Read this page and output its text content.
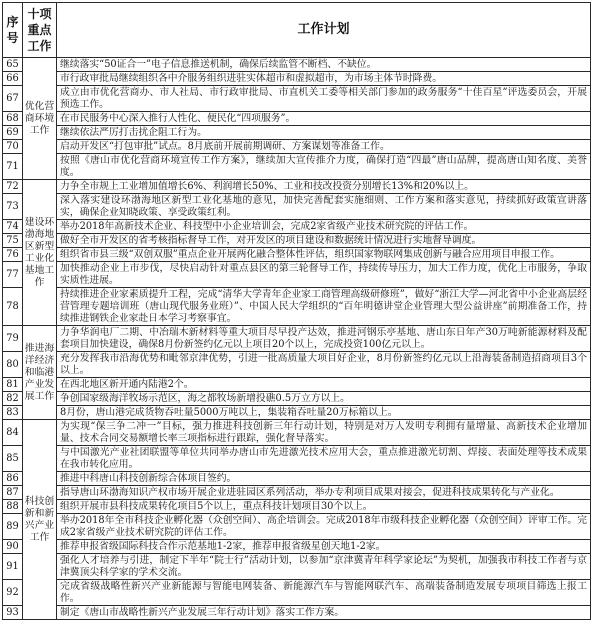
序号	十项重点工作	工作计划
65	优化营商环境工作	继续落实“50证合一”电子信息推送机制，确保后续监管不断档、不缺位。
66		市行政审批局继续组织各中介服务组织进驻实体超市和虚拟超市，为市场主体节时降费。
67		成立由市优化营商办、市人社局、市行政审批局、市直机关工委等相关部门参加的政务服务“十佳百星”评选委员会，开展预选工作。
68		在市民服务中心深入推行人性化、便民化“四项服务”。
69		继续依法严厉打击扰企阻工行为。
70		启动开发区“打包审批”试点。8月底前开展前期调研、方案谋划等准备工作。
71		按照《唐山市优化营商环境宣传工作方案》，继续加大宣传推介力度，确保打造“四最”唐山品牌，提高唐山知名度、美誉度。
72	建设环渤海地区新型工业化基地工作	力争全市规上工业增加值增长6%、利润增长50%、工业和技改投资分别增长13%和20%以上。
73		深入落实建设环渤海地区新型工业化基地的意见，加快完善配套实施细则、工作方案和落实意见，持续抓好政策宣讲落实，确保企业知晓政策、享受政策红利。
74		举办2018年高新技术企业、科技型中小企业培训会，完成2家省级产业技术研究院的评估工作。
75		做好全市开发区的省考核指标督导工作，对开发区的项目建设和数据统计情况进行实地督导调度。
76		组织省市县三级“双创双服”重点企业开展两化融合整体性评估，组织国家物联网集成创新与融合应用项目申报工作。
77		加快推动企业上市步伐，尽快启动针对重点县区的第三轮督导工作，持续传导压力，加大工作力度，优化上市服务，争取实质性进展。
78		持续推进企业家素质提升工程，完成“清华大学青年企业家工商管理高级研修班”，做好“浙江大学—河北省中小企业高层经营管理专题培训班（唐山现代服务业班）”、中国人民大学组织的“百年明德讲堂企业管理大型公益讲座”前期准备工作，持续推进钢铁企业家赴日本学习考察事宜。
79	推进海洋经济和临港产业发展工作	力争华润电厂二期、中冶瑞木新材料等重大项目尽早投产达效，推进河钢乐亭基地、唐山东日年产30万吨新能源材料及配套项目加快建设，确保8月份新签约亿元以上项目20个以上，完成投资100亿元以上。
80		充分发挥我市沿海优势和毗邻京津优势，引进一批高质量大项目好企业，8月份新签约亿元以上沿海装备制造招商项目3个以上。
81		在西北地区新开通内陆港2个。
82		争创国家级海洋牧场示范区，海之都牧场新增投礁0.5万立方以上。
83		8月份，唐山港完成货物吞吐量5000万吨以上，集装箱吞吐量20万标箱以上。
84	科技创新和新兴产业工作	为实现“保三争二冲一”目标，强力推进科技创新三年行动计划，特别是对万人发明专利拥有量增量、高新技术企业增加量、技术合同交易额增长率三项指标进行跟踪，强化督导落实。
85		与中国激光产业社团联盟等单位共同举办唐山市先进激光技术应用大会，重点推进激光切割、焊接、表面处理等技术成果在我市转化应用。
86		推进中科唐山科技创新综合体项目签约。
87		指导唐山环渤海知识产权市场开展企业进驻园区系列活动，举办专利项目成果对接会，促进科技成果转化与产业化。
88		组织开展市县科技成果转化项目5个以上，重点科技计划项目30个以上。
89		举办2018年全市科技企业孵化器（众创空间）、高企培训会。完成2018年市级科技企业孵化器（众创空间）评审工作。完成2家省级产业技术研究院的评估工作。
90		推荐申报省级国际科技合作示范基地1-2家，推荐申报省级星创天地1-2家。
91		强化人才培养与引进，制定下半年“院士行”活动计划，以参加“京津冀青年科学家论坛”为契机，加强我市科技工作者与京津冀顶尖科学家的学术交流。
92		完成省级战略性新兴产业新能源与智能电网装备、新能源汽车与智能网联汽车、高端装备制造发展专项项目筛选上报工作。
93		制定《唐山市战略性新兴产业发展三年行动计划》落实工作方案。
